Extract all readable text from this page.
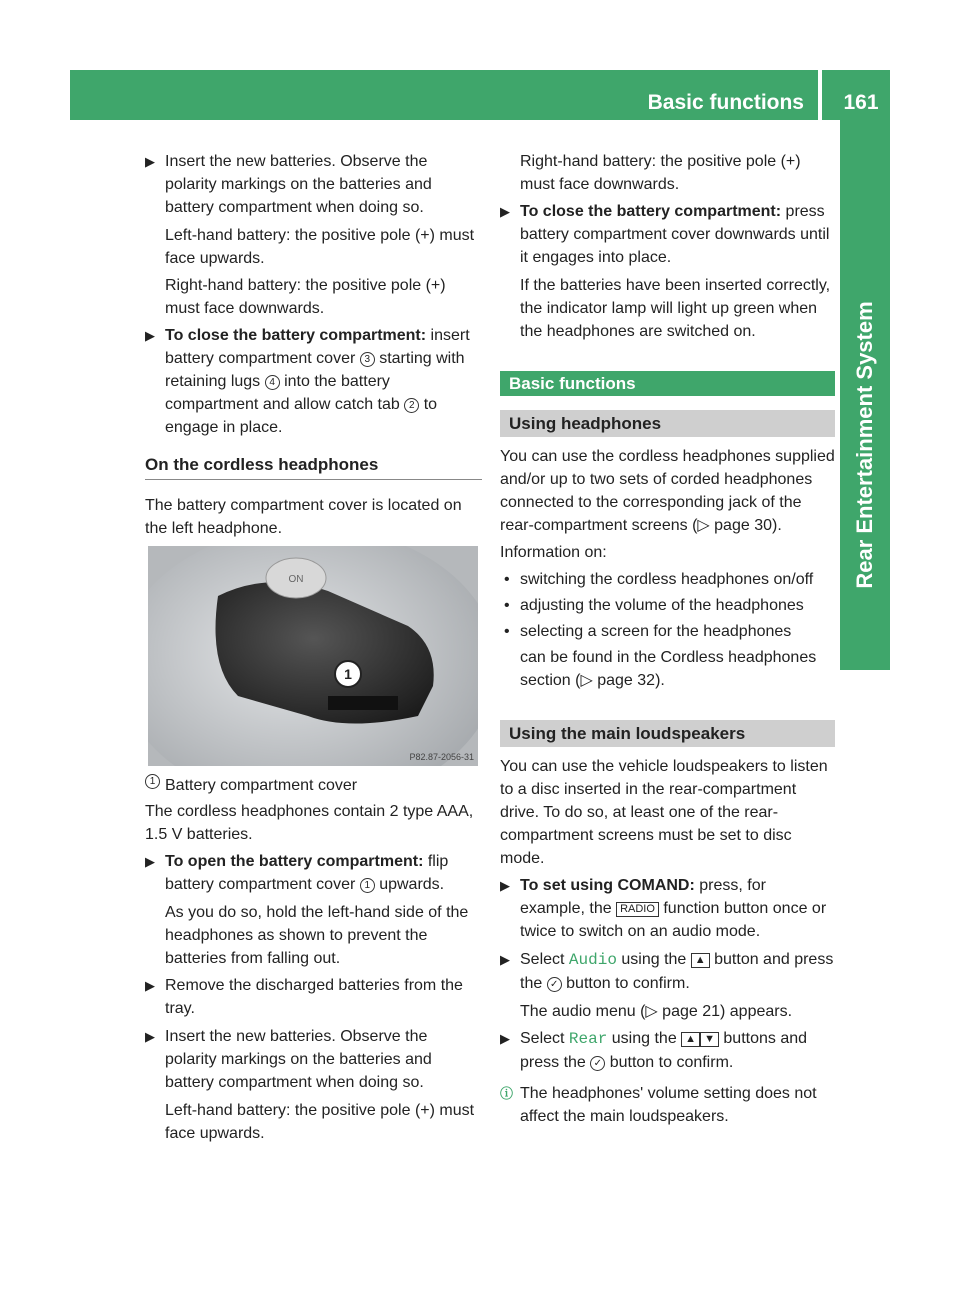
Basic functions	161
Rear Entertainment System
▶ Insert the new batteries. Observe the polarity markings on the batteries and battery compartment when doing so.
Left-hand battery: the positive pole (+) must face upwards.
Right-hand battery: the positive pole (+) must face downwards.
▶ To close the battery compartment: insert battery compartment cover 3 starting with retaining lugs 4 into the battery compartment and allow catch tab 2 to engage in place.
On the cordless headphones

The battery compartment cover is located on the left headphone.

ON
1
P82.87-2056-31
1 Battery compartment cover

The cordless headphones contain 2 type AAA, 1.5 V batteries.

▶ To open the battery compartment: flip battery compartment cover 1 upwards.
As you do so, hold the left-hand side of the headphones as shown to prevent the batteries from falling out.
▶ Remove the discharged batteries from the tray.
▶ Insert the new batteries. Observe the polarity markings on the batteries and battery compartment when doing so.
Left-hand battery: the positive pole (+) must face upwards.
Right-hand battery: the positive pole (+) must face downwards.
▶ To close the battery compartment: press battery compartment cover downwards until it engages into place.
If the batteries have been inserted correctly, the indicator lamp will light up green when the headphones are switched on.
Basic functions
Using headphones

You can use the cordless headphones supplied and/or up to two sets of corded headphones connected to the corresponding jack of the rear-compartment screens (▷ page 30).

Information on:

• switching the cordless headphones on/off
• adjusting the volume of the headphones
• selecting a screen for the headphones
can be found in the Cordless headphones section (▷ page 32).
Using the main loudspeakers

You can use the vehicle loudspeakers to listen to a disc inserted in the rear-compartment drive. To do so, at least one of the rear-compartment screens must be set to disc mode.

▶ To set using COMAND: press, for example, the RADIO function button once or twice to switch on an audio mode.
▶ Select Audio using the ▲ button and press the ✓ button to confirm.
The audio menu (▷ page 21) appears.
▶ Select Rear using the ▲ ▼ buttons and press the ✓ button to confirm.
ⓘ The headphones' volume setting does not affect the main loudspeakers.
